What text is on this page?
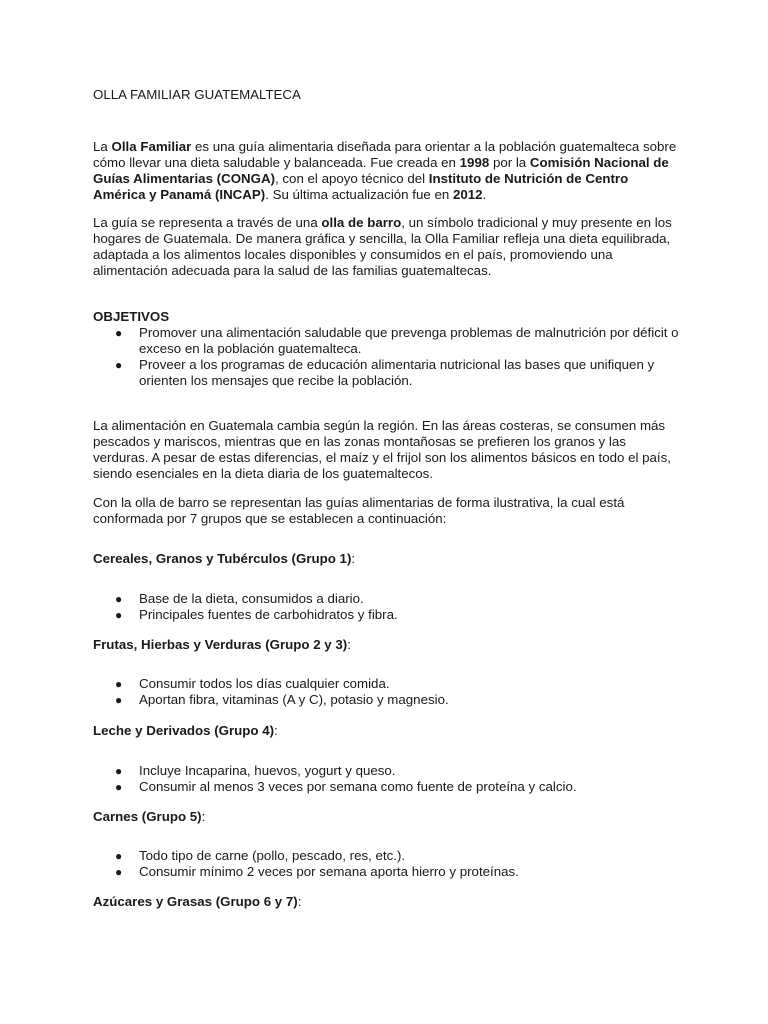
OLLA FAMILIAR GUATEMALTECA

La Olla Familiar es una guía alimentaria diseñada para orientar a la población guatemalteca sobre cómo llevar una dieta saludable y balanceada. Fue creada en 1998 por la Comisión Nacional de Guías Alimentarias (CONGA), con el apoyo técnico del Instituto de Nutrición de Centro América y Panamá (INCAP). Su última actualización fue en 2012.

La guía se representa a través de una olla de barro, un símbolo tradicional y muy presente en los hogares de Guatemala. De manera gráfica y sencilla, la Olla Familiar refleja una dieta equilibrada, adaptada a los alimentos locales disponibles y consumidos en el país, promoviendo una alimentación adecuada para la salud de las familias guatemaltecas.

OBJETIVOS
● Promover una alimentación saludable que prevenga problemas de malnutrición por déficit o exceso en la población guatemalteca.
● Proveer a los programas de educación alimentaria nutricional las bases que unifiquen y orienten los mensajes que recibe la población.

La alimentación en Guatemala cambia según la región. En las áreas costeras, se consumen más pescados y mariscos, mientras que en las zonas montañosas se prefieren los granos y las verduras. A pesar de estas diferencias, el maíz y el frijol son los alimentos básicos en todo el país, siendo esenciales en la dieta diaria de los guatemaltecos.

Con la olla de barro se representan las guías alimentarias de forma ilustrativa, la cual está conformada por 7 grupos que se establecen a continuación:

Cereales, Granos y Tubérculos (Grupo 1):
● Base de la dieta, consumidos a diario.
● Principales fuentes de carbohidratos y fibra.
Frutas, Hierbas y Verduras (Grupo 2 y 3):
● Consumir todos los días cualquier comida.
● Aportan fibra, vitaminas (A y C), potasio y magnesio.
Leche y Derivados (Grupo 4):
● Incluye Incaparina, huevos, yogurt y queso.
● Consumir al menos 3 veces por semana como fuente de proteína y calcio.
Carnes (Grupo 5):
● Todo tipo de carne (pollo, pescado, res, etc.).
● Consumir mínimo 2 veces por semana aporta hierro y proteínas.
Azúcares y Grasas (Grupo 6 y 7):
